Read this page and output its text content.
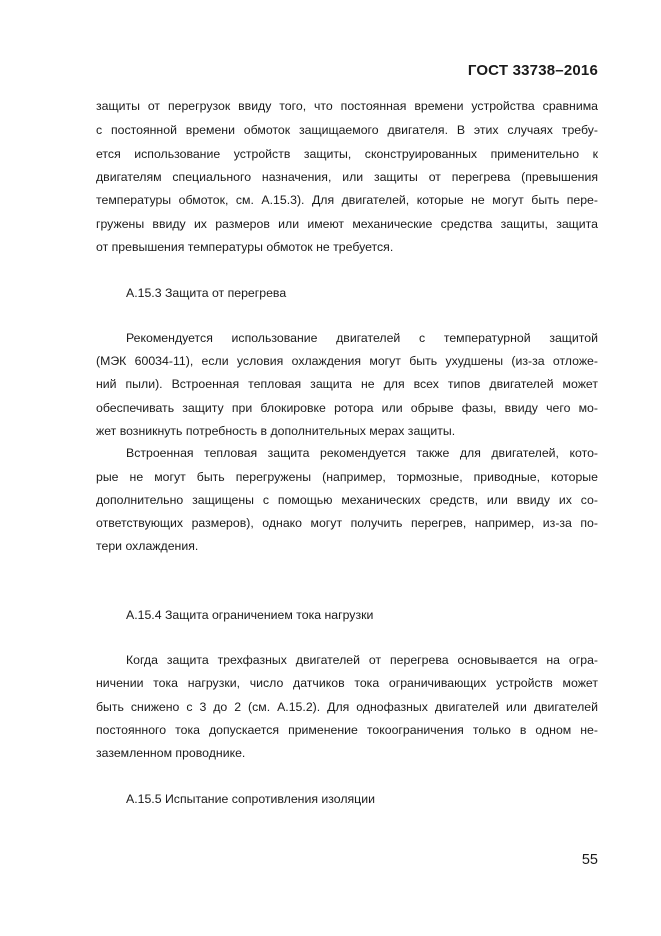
ГОСТ 33738–2016
защиты от перегрузок ввиду того, что постоянная времени устройства сравнима
с постоянной времени обмоток защищаемого двигателя. В этих случаях требу-
ется использование устройств защиты, сконструированных применительно к
двигателям специального назначения, или защиты от перегрева (превышения
температуры обмоток, см. А.15.3). Для двигателей, которые не могут быть пере-
гружены ввиду их размеров или имеют механические средства защиты, защита
от превышения температуры обмоток не требуется.
А.15.3 Защита от перегрева
Рекомендуется использование двигателей с температурной защитой
(МЭК 60034-11), если условия охлаждения могут быть ухудшены (из-за отложе-
ний пыли). Встроенная тепловая защита не для всех типов двигателей может
обеспечивать защиту при блокировке ротора или обрыве фазы, ввиду чего мо-
жет возникнуть потребность в дополнительных мерах защиты.
Встроенная тепловая защита рекомендуется также для двигателей, кото-
рые не могут быть перегружены (например, тормозные, приводные, которые
дополнительно защищены с помощью механических средств, или ввиду их со-
ответствующих размеров), однако могут получить перегрев, например, из-за по-
тери охлаждения.
А.15.4 Защита ограничением тока нагрузки
Когда защита трехфазных двигателей от перегрева основывается на огра-
ничении тока нагрузки, число датчиков тока ограничивающих устройств может
быть снижено с 3 до 2 (см. А.15.2). Для однофазных двигателей или двигателей
постоянного тока допускается применение токоограничения только в одном не-
заземленном проводнике.
А.15.5 Испытание сопротивления изоляции
55
